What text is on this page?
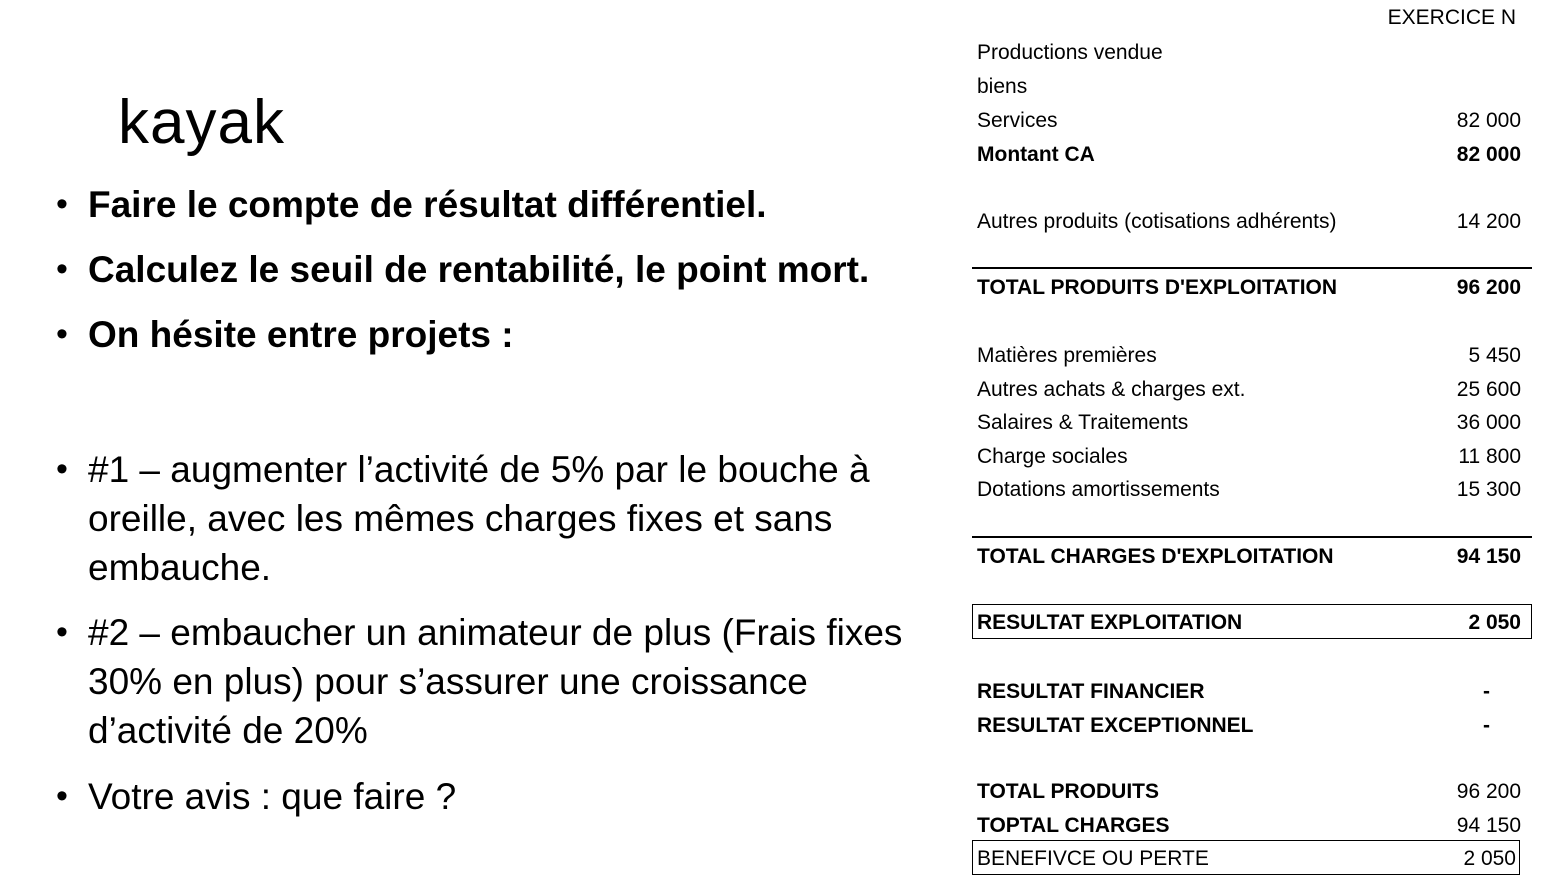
kayak
• Faire le compte de résultat différentiel.
• Calculez le seuil de rentabilité, le point mort.
• On hésite entre projets :
• #1 – augmenter l’activité de 5% par le bouche à oreille, avec les mêmes charges fixes et sans embauche.
• #2 – embaucher un animateur de plus (Frais fixes 30% en plus) pour s’assurer une croissance d’activité de 20%
• Votre avis : que faire ?
EXERCICE N
Productions vendue
biens
Services	82 000
Montant CA	82 000
Autres produits (cotisations adhérents)	14 200
TOTAL PRODUITS D'EXPLOITATION	96 200
Matières premières	5 450
Autres achats & charges ext.	25 600
Salaires & Traitements	36 000
Charge sociales	11 800
Dotations amortissements	15 300
TOTAL CHARGES D'EXPLOITATION	94 150
RESULTAT EXPLOITATION	2 050
RESULTAT FINANCIER	-
RESULTAT EXCEPTIONNEL	-
TOTAL PRODUITS	96 200
TOPTAL CHARGES	94 150
BENEFIVCE OU PERTE	2 050
